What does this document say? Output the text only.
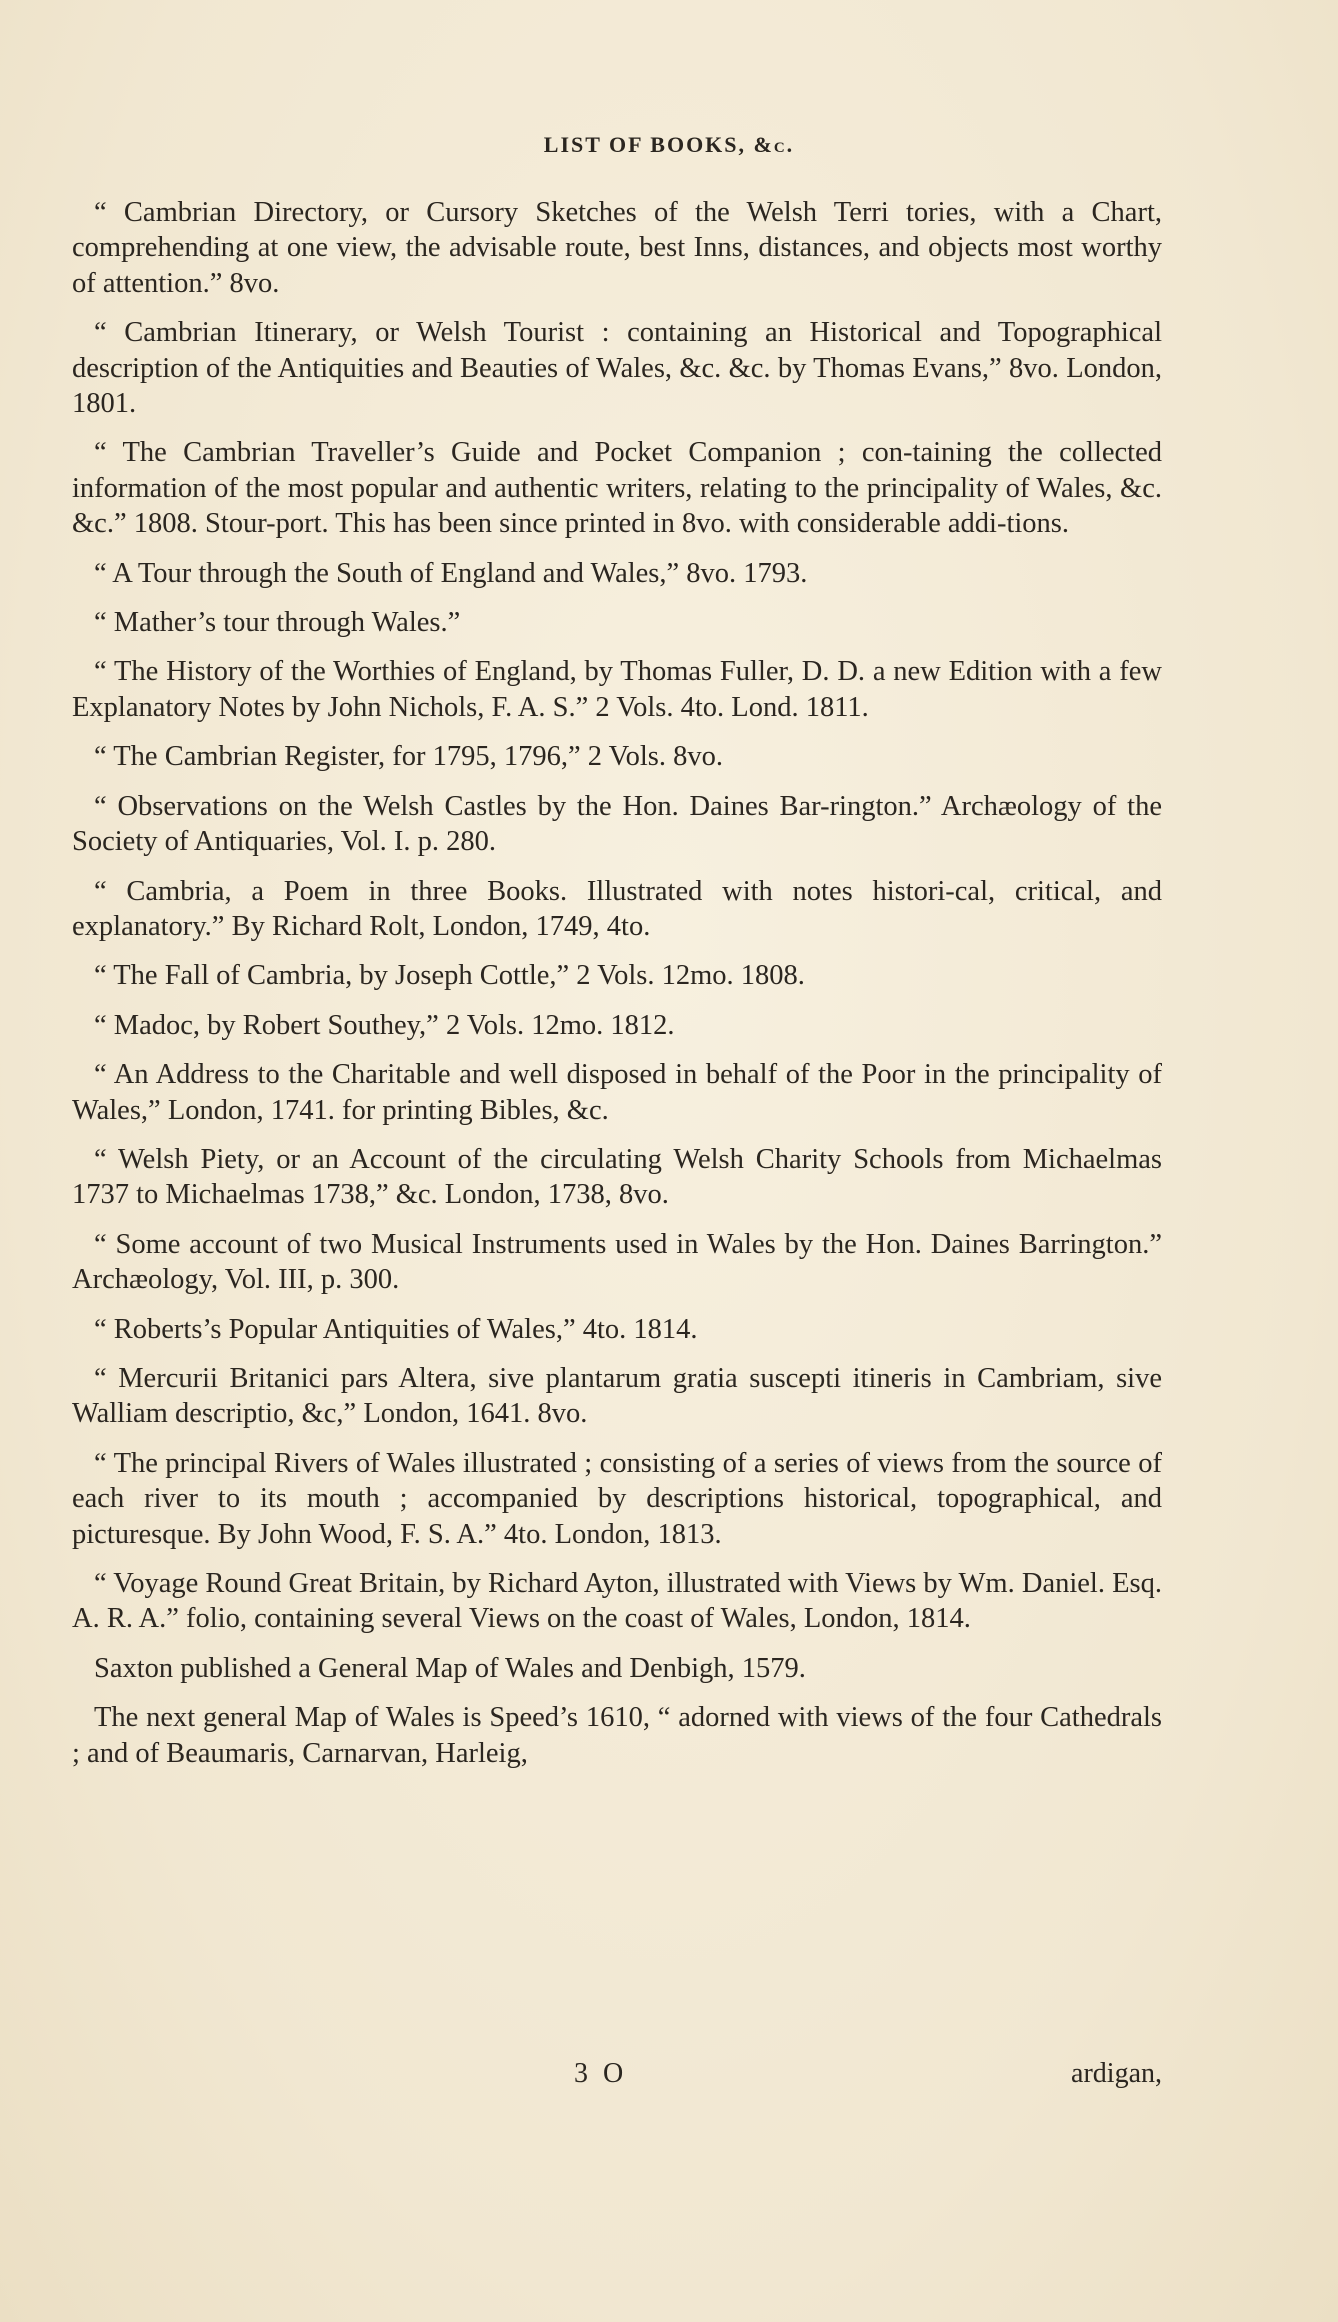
LIST OF BOOKS, &c.

“ Cambrian Directory, or Cursory Sketches of the Welsh Terri tories, with a Chart, comprehending at one view, the advisable route, best Inns, distances, and objects most worthy of attention.” 8vo.

“ Cambrian Itinerary, or Welsh Tourist : containing an Historical and Topographical description of the Antiquities and Beauties of Wales, &c. &c. by Thomas Evans,” 8vo. London, 1801.

“ The Cambrian Traveller’s Guide and Pocket Companion ; con-taining the collected information of the most popular and authentic writers, relating to the principality of Wales, &c. &c.” 1808. Stour-port. This has been since printed in 8vo. with considerable addi-tions.

“ A Tour through the South of England and Wales,” 8vo. 1793.

“ Mather’s tour through Wales.”

“ The History of the Worthies of England, by Thomas Fuller, D. D. a new Edition with a few Explanatory Notes by John Nichols, F. A. S.” 2 Vols. 4to. Lond. 1811.

“ The Cambrian Register, for 1795, 1796,” 2 Vols. 8vo.

“ Observations on the Welsh Castles by the Hon. Daines Bar-rington.” Archæology of the Society of Antiquaries, Vol. I. p. 280.

“ Cambria, a Poem in three Books. Illustrated with notes histori-cal, critical, and explanatory.” By Richard Rolt, London, 1749, 4to.

“ The Fall of Cambria, by Joseph Cottle,” 2 Vols. 12mo. 1808.

“ Madoc, by Robert Southey,” 2 Vols. 12mo. 1812.

“ An Address to the Charitable and well disposed in behalf of the Poor in the principality of Wales,” London, 1741. for printing Bibles, &c.

“ Welsh Piety, or an Account of the circulating Welsh Charity Schools from Michaelmas 1737 to Michaelmas 1738,” &c. London, 1738, 8vo.

“ Some account of two Musical Instruments used in Wales by the Hon. Daines Barrington.” Archæology, Vol. III, p. 300.

“ Roberts’s Popular Antiquities of Wales,” 4to. 1814.

“ Mercurii Britanici pars Altera, sive plantarum gratia suscepti itineris in Cambriam, sive Walliam descriptio, &c,” London, 1641. 8vo.

“ The principal Rivers of Wales illustrated ; consisting of a series of views from the source of each river to its mouth ; accompanied by descriptions historical, topographical, and picturesque. By John Wood, F. S. A.” 4to. London, 1813.

“ Voyage Round Great Britain, by Richard Ayton, illustrated with Views by Wm. Daniel. Esq. A. R. A.” folio, containing several Views on the coast of Wales, London, 1814.

Saxton published a General Map of Wales and Denbigh, 1579.

The next general Map of Wales is Speed’s 1610, “ adorned with views of the four Cathedrals ; and of Beaumaris, Carnarvan, Harleig,

3 O	ardigan,
